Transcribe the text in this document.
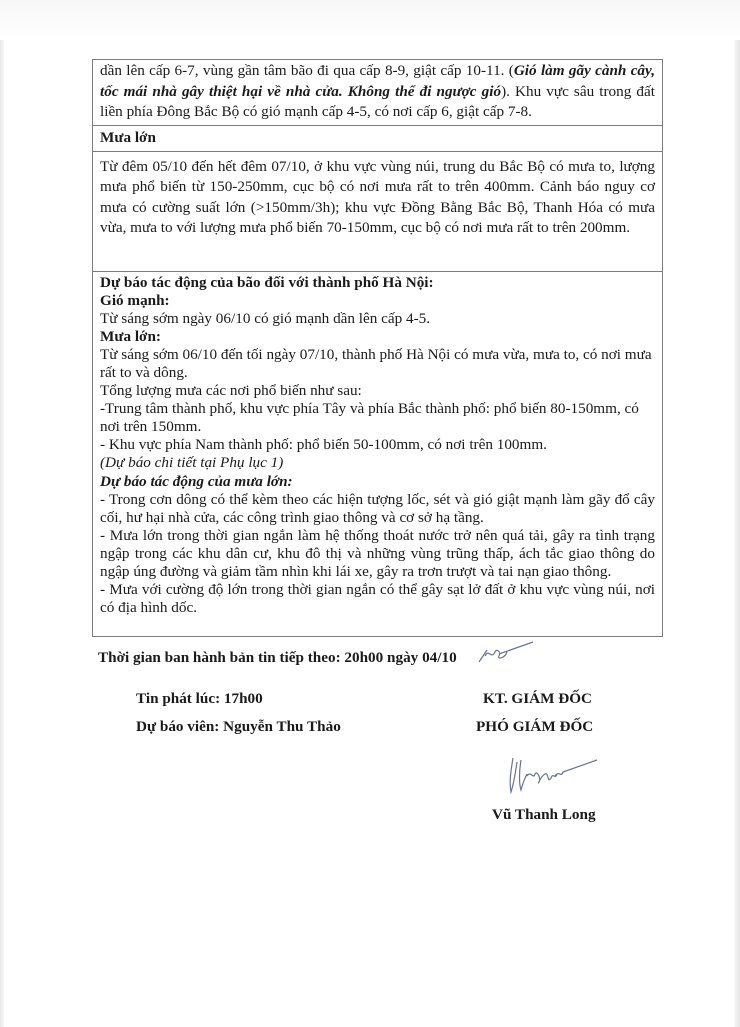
dần lên cấp 6-7, vùng gần tâm bão đi qua cấp 8-9, giật cấp 10-11. (Gió làm gãy cành cây, tốc mái nhà gây thiệt hại về nhà cửa. Không thể đi ngược gió). Khu vực sâu trong đất liền phía Đông Bắc Bộ có gió mạnh cấp 4-5, có nơi cấp 6, giật cấp 7-8.
Mưa lớn
Từ đêm 05/10 đến hết đêm 07/10, ở khu vực vùng núi, trung du Bắc Bộ có mưa to, lượng mưa phổ biến từ 150-250mm, cục bộ có nơi mưa rất to trên 400mm. Cảnh báo nguy cơ mưa có cường suất lớn (>150mm/3h); khu vực Đồng Bằng Bắc Bộ, Thanh Hóa có mưa vừa, mưa to với lượng mưa phổ biến 70-150mm, cục bộ có nơi mưa rất to trên 200mm.

Dự báo tác động của bão đối với thành phố Hà Nội:
Gió mạnh:
Từ sáng sớm ngày 06/10 có gió mạnh dần lên cấp 4-5.
Mưa lớn:
Từ sáng sớm 06/10 đến tối ngày 07/10, thành phố Hà Nội có mưa vừa, mưa to, có nơi mưa rất to và dông.
Tổng lượng mưa các nơi phổ biến như sau:
-Trung tâm thành phố, khu vực phía Tây và phía Bắc thành phố: phổ biến 80-150mm, có nơi trên 150mm.
- Khu vực phía Nam thành phố: phổ biến 50-100mm, có nơi trên 100mm.
(Dự báo chi tiết tại Phụ lục 1)
Dự báo tác động của mưa lớn:
- Trong cơn dông có thể kèm theo các hiện tượng lốc, sét và gió giật mạnh làm gãy đổ cây cối, hư hại nhà cửa, các công trình giao thông và cơ sở hạ tầng.
- Mưa lớn trong thời gian ngắn làm hệ thống thoát nước trở nên quá tải, gây ra tình trạng ngập trong các khu dân cư, khu đô thị và những vùng trũng thấp, ách tắc giao thông do ngập úng đường và giảm tầm nhìn khi lái xe, gây ra trơn trượt và tai nạn giao thông.
- Mưa với cường độ lớn trong thời gian ngắn có thể gây sạt lở đất ở khu vực vùng núi, nơi có địa hình dốc.
Thời gian ban hành bản tin tiếp theo: 20h00 ngày 04/10
Tin phát lúc: 17h00
Dự báo viên: Nguyễn Thu Thảo
KT. GIÁM ĐỐC
PHÓ GIÁM ĐỐC
Vũ Thanh Long
